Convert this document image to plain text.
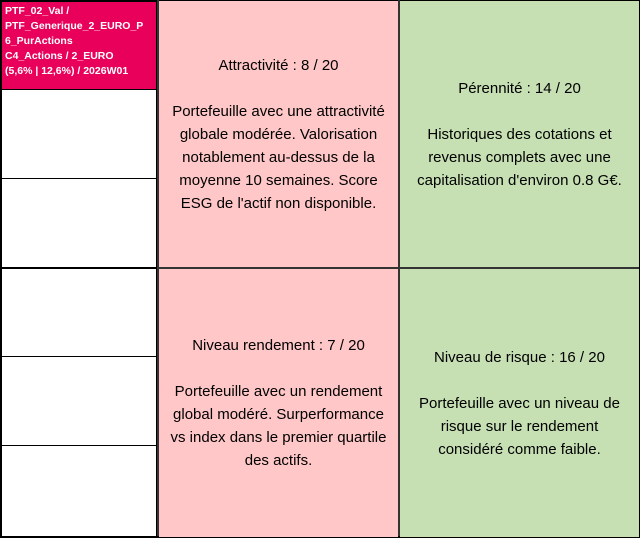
PTF_02_Val /
PTF_Generique_2_EURO_P
6_PurActions
C4_Actions / 2_EURO
(5,6% | 12,6%) / 2026W01	Attractivité : 8 / 20
Portefeuille avec une attractivité globale modérée. Valorisation notablement au-dessus de la moyenne 10 semaines. Score ESG de l'actif non disponible.
Pérennité : 14 / 20
Historiques des cotations et revenus complets avec une capitalisation d'environ 0.8 G€.
Niveau rendement : 7 / 20
Portefeuille avec un rendement global modéré. Surperformance vs index dans le premier quartile des actifs.
Niveau de risque : 16 / 20
Portefeuille avec un niveau de risque sur le rendement considéré comme faible.
